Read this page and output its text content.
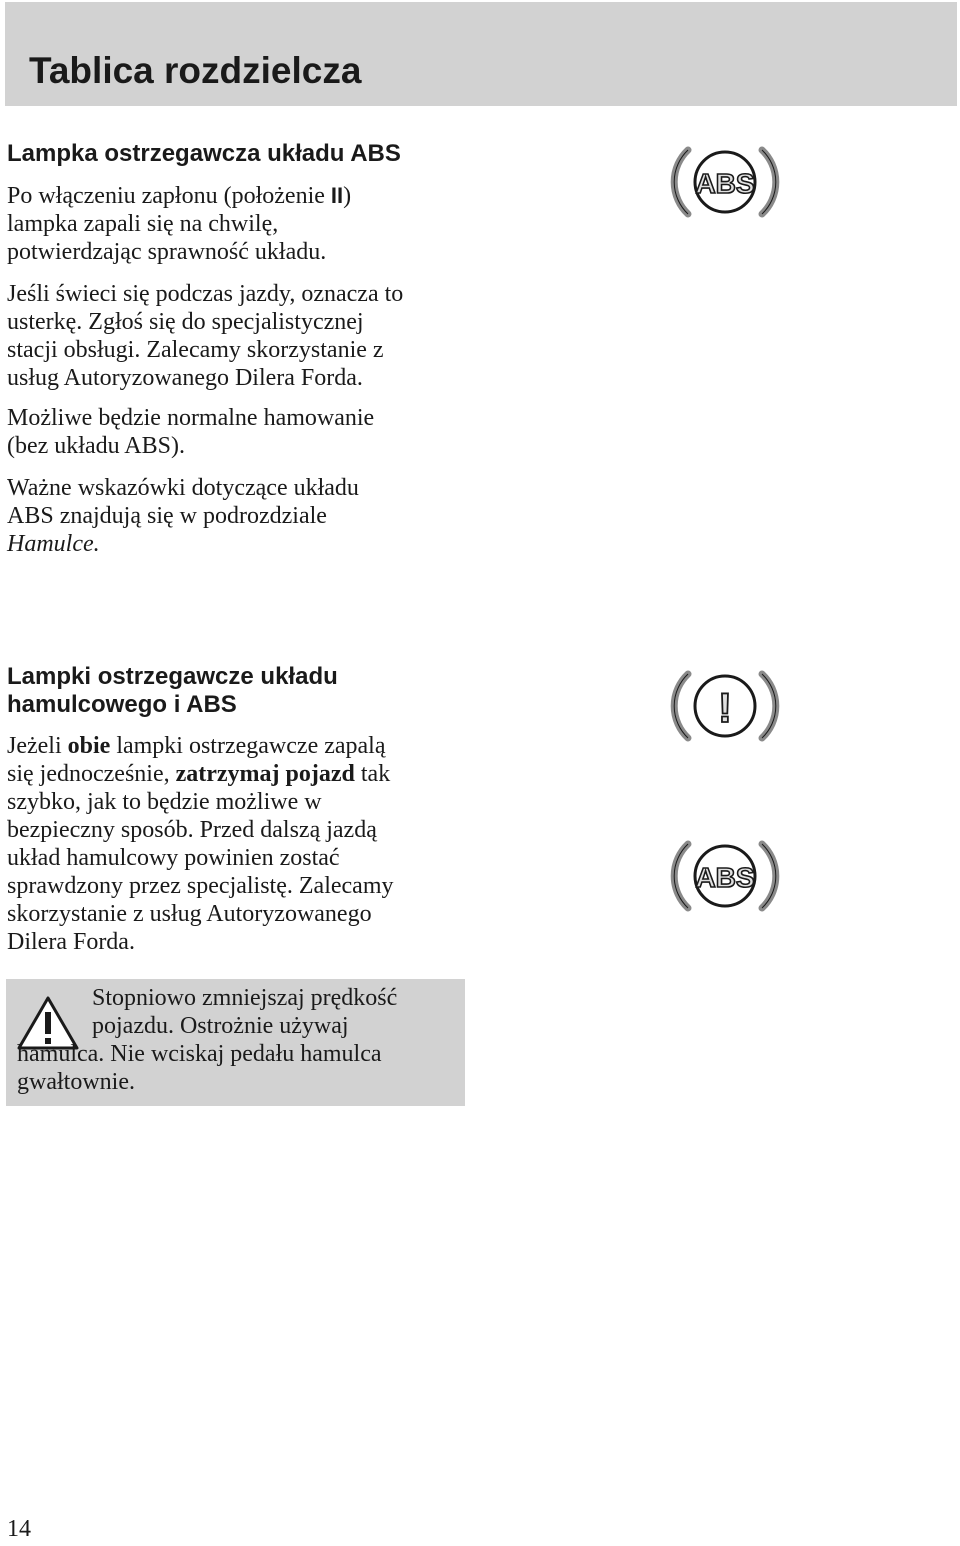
Tablica rozdzielcza
Lampka ostrzegawcza układu ABS

Po włączeniu zapłonu (położenie II)
lampka zapali się na chwilę,
potwierdzając sprawność układu.

Jeśli świeci się podczas jazdy, oznacza to
usterkę. Zgłoś się do specjalistycznej
stacji obsługi. Zalecamy skorzystanie z
usług Autoryzowanego Dilera Forda.

Możliwe będzie normalne hamowanie
(bez układu ABS).

Ważne wskazówki dotyczące układu
ABS znajdują się w podrozdziale
Hamulce.

ABS
Lampki ostrzegawcze układu
hamulcowego i ABS

Jeżeli obie lampki ostrzegawcze zapalą
się jednocześnie, zatrzymaj pojazd tak
szybko, jak to będzie możliwe w
bezpieczny sposób. Przed dalszą jazdą
układ hamulcowy powinien zostać
sprawdzony przez specjalistę. Zalecamy
skorzystanie z usług Autoryzowanego
Dilera Forda.

!
ABS

Stopniowo zmniejszaj prędkość
pojazdu. Ostrożnie używaj

hamulca. Nie wciskaj pedału hamulca
gwałtownie.

14
